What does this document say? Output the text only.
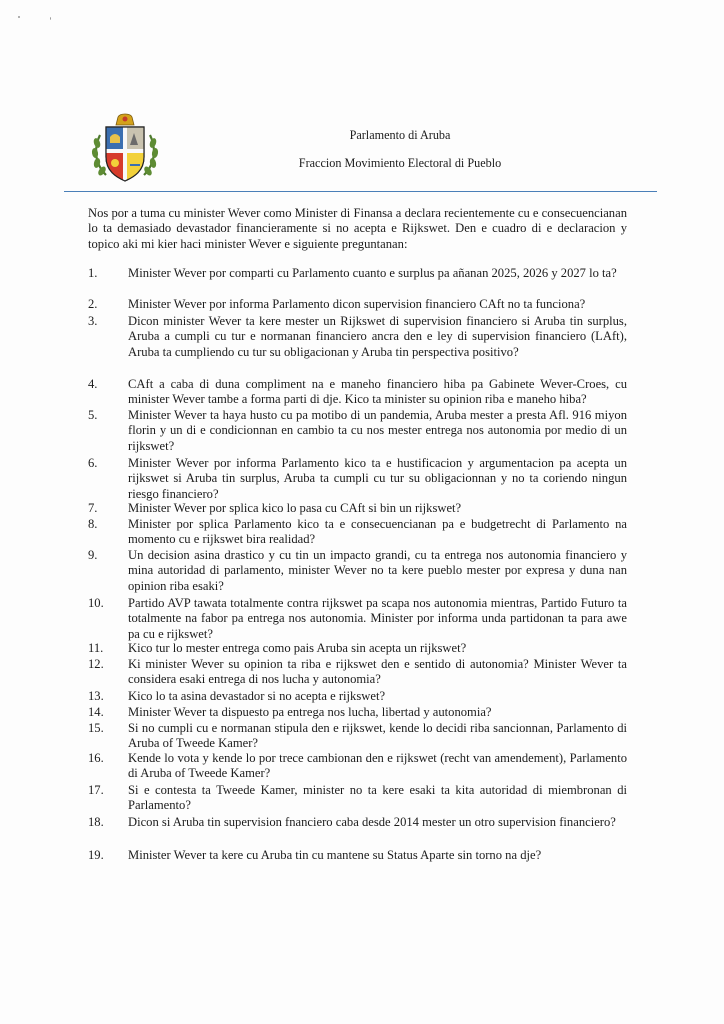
Parlamento di Aruba
Fraccion Movimiento Electoral di Pueblo
Nos por a tuma cu minister Wever como Minister di Finansa a declara recientemente cu e consecuencianan lo ta demasiado devastador financieramente si no acepta e Rijkswet. Den e cuadro di e declaracion y topico aki mi kier haci minister Wever e siguiente preguntanan:
1. Minister Wever por comparti cu Parlamento cuanto e surplus pa añanan 2025, 2026 y 2027 lo ta?
2. Minister Wever por informa Parlamento dicon supervision financiero CAft no ta funciona?
3. Dicon minister Wever ta kere mester un Rijkswet di supervision financiero si Aruba tin surplus, Aruba a cumpli cu tur e normanan financiero ancra den e ley di supervision financiero (LAft), Aruba ta cumpliendo cu tur su obligacionan y Aruba tin perspectiva positivo?
4. CAft a caba di duna compliment na e maneho financiero hiba pa Gabinete Wever-Croes, cu minister Wever tambe a forma parti di dje. Kico ta minister su opinion riba e maneho hiba?
5. Minister Wever ta haya husto cu pa motibo di un pandemia, Aruba mester a presta Afl. 916 miyon florin y un di e condicionnan en cambio ta cu nos mester entrega nos autonomia por medio di un rijkswet?
6. Minister Wever por informa Parlamento kico ta e hustificacion y argumentacion pa acepta un rijkswet si Aruba tin surplus, Aruba ta cumpli cu tur su obligacionnan y no ta coriendo ningun riesgo financiero?
7. Minister Wever por splica kico lo pasa cu CAft si bin un rijkswet?
8. Minister por splica Parlamento kico ta e consecuencianan pa e budgetrecht di Parlamento na momento cu e rijkswet bira realidad?
9. Un decision asina drastico y cu tin un impacto grandi, cu ta entrega nos autonomia financiero y mina autoridad di parlamento, minister Wever no ta kere pueblo mester por expresa y duna nan opinion riba esaki?
10. Partido AVP tawata totalmente contra rijkswet pa scapa nos autonomia mientras, Partido Futuro ta totalmente na fabor pa entrega nos autonomia. Minister por informa unda partidonan ta para awe pa cu e rijkswet?
11. Kico tur lo mester entrega como pais Aruba sin acepta un rijkswet?
12. Ki minister Wever su opinion ta riba e rijkswet den e sentido di autonomia? Minister Wever ta considera esaki entrega di nos lucha y autonomia?
13. Kico lo ta asina devastador si no acepta e rijkswet?
14. Minister Wever ta dispuesto pa entrega nos lucha, libertad y autonomia?
15. Si no cumpli cu e normanan stipula den e rijkswet, kende lo decidi riba sancionnan, Parlamento di Aruba of Tweede Kamer?
16. Kende lo vota y kende lo por trece cambionan den e rijkswet (recht van amendement), Parlamento di Aruba of Tweede Kamer?
17. Si e contesta ta Tweede Kamer, minister no ta kere esaki ta kita autoridad di miembronan di Parlamento?
18. Dicon si Aruba tin supervision fnanciero caba desde 2014 mester un otro supervision financiero?
19. Minister Wever ta kere cu Aruba tin cu mantene su Status Aparte sin torno na dje?
